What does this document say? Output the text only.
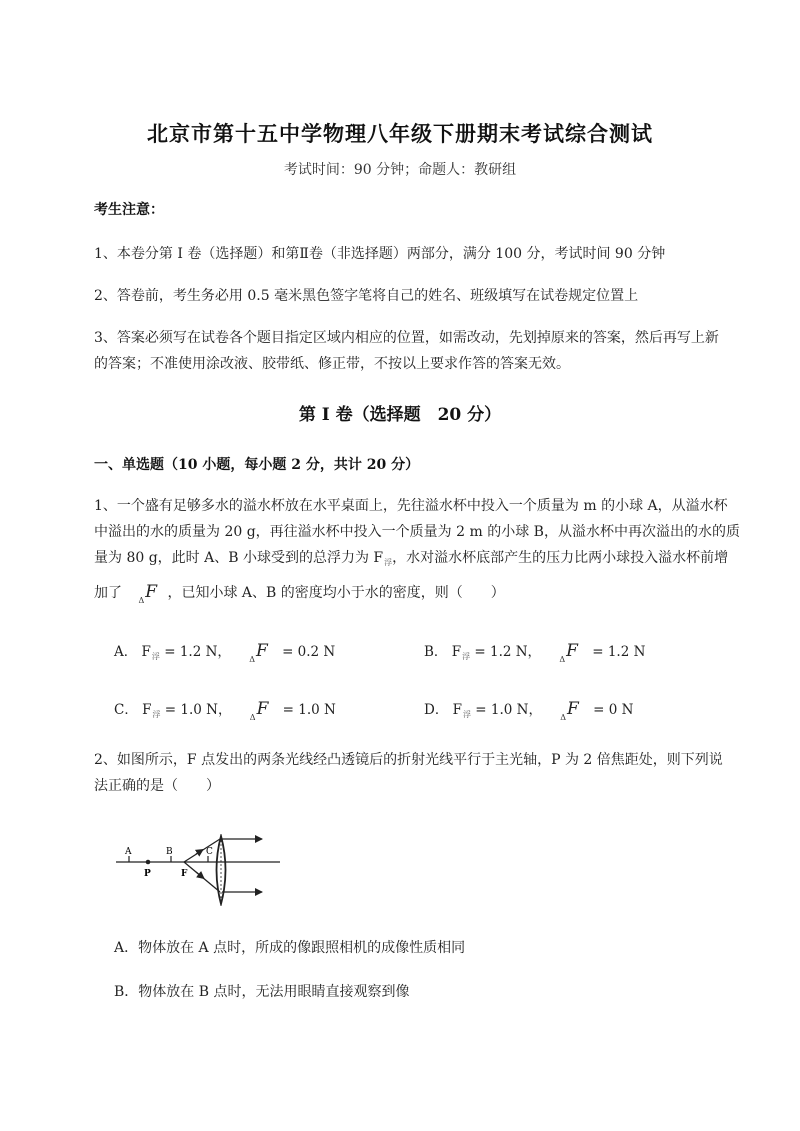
北京市第十五中学物理八年级下册期末考试综合测试
考试时间：90 分钟；命题人：教研组
考生注意：
1、本卷分第 I 卷（选择题）和第Ⅱ卷（非选择题）两部分，满分 100 分，考试时间 90 分钟
2、答卷前，考生务必用 0.5 毫米黑色签字笔将自己的姓名、班级填写在试卷规定位置上
3、答案必须写在试卷各个题目指定区域内相应的位置，如需改动，先划掉原来的答案，然后再写上新
的答案；不准使用涂改液、胶带纸、修正带，不按以上要求作答的答案无效。
第 I 卷（选择题　20 分）
一、单选题（10 小题，每小题 2 分，共计 20 分）
1、一个盛有足够多水的溢水杯放在水平桌面上，先往溢水杯中投入一个质量为 m 的小球 A，从溢水杯
中溢出的水的质量为 20 g，再往溢水杯中投入一个质量为 2 m 的小球 B，从溢水杯中再次溢出的水的质
量为 80 g，此时 A、B 小球受到的总浮力为 $F_浮$，水对溢水杯底部产生的压力比两小球投入溢水杯前增
加了 $_\Delta$F ，已知小球 A、B 的密度均小于水的密度，则（　　）
A． $F_浮 = 1.2$ N， $_\Delta$F = 0.2 N	B． $F_浮 = 1.2$ N， $_\Delta$F = 1.2 N
C． $F_浮 = 1.0$ N， $_\Delta$F = 1.0 N	D． $F_浮 = 1.0$ N， $_\Delta$F = 0 N
2、如图所示，F 点发出的两条光线经凸透镜后的折射光线平行于主光轴，P 为 2 倍焦距处，则下列说
法正确的是（　　）
A	B	C
P	F
A．物体放在 A 点时，所成的像跟照相机的成像性质相同
B．物体放在 B 点时，无法用眼睛直接观察到像
